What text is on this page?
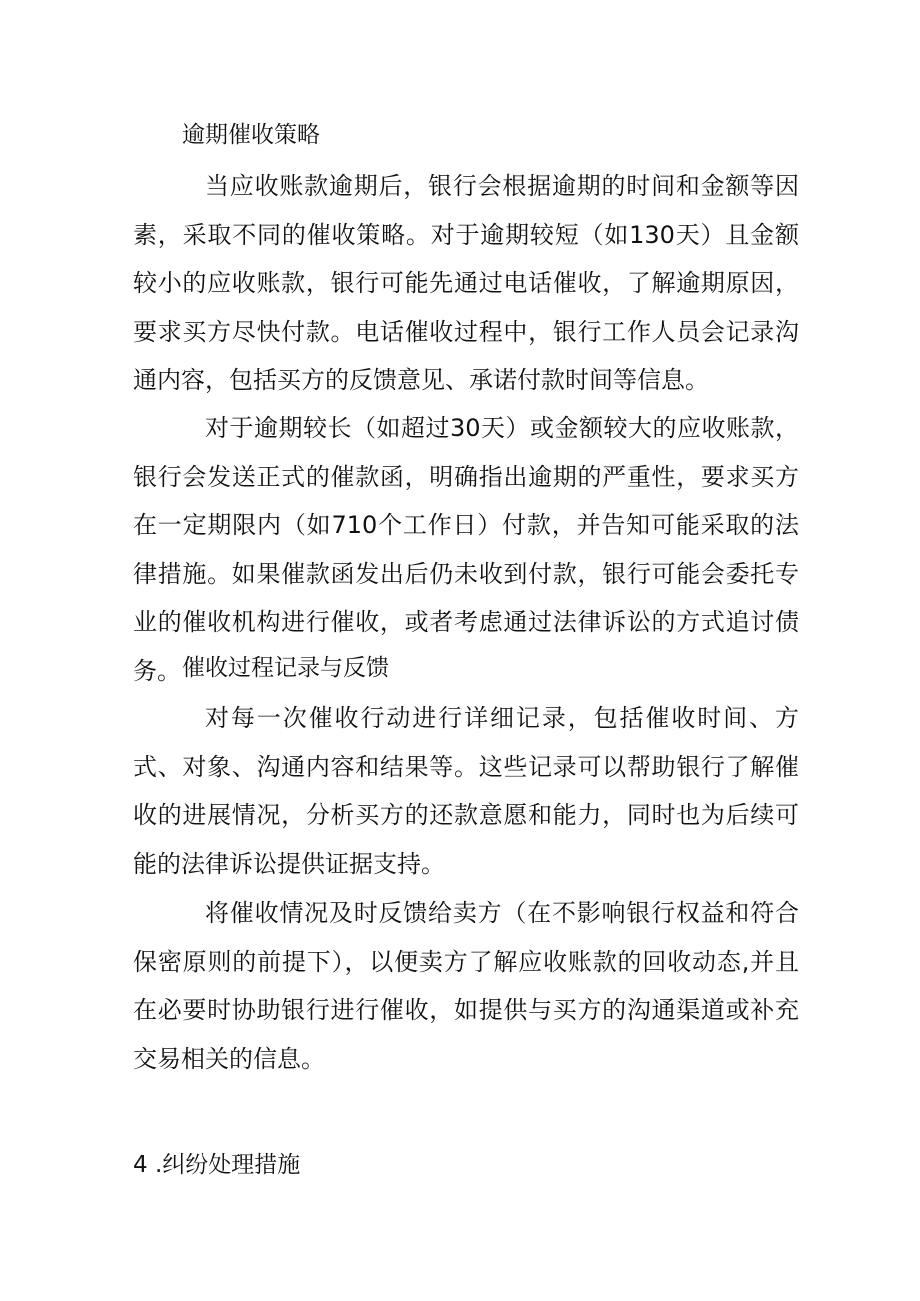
逾期催收策略

当应收账款逾期后，银行会根据逾期的时间和金额等因素，采取不同的催收策略。对于逾期较短（如130天）且金额较小的应收账款，银行可能先通过电话催收，了解逾期原因，要求买方尽快付款。电话催收过程中，银行工作人员会记录沟通内容，包括买方的反馈意见、承诺付款时间等信息。

对于逾期较长（如超过30天）或金额较大的应收账款，银行会发送正式的催款函，明确指出逾期的严重性，要求买方在一定期限内（如710个工作日）付款，并告知可能采取的法律措施。如果催款函发出后仍未收到付款，银行可能会委托专业的催收机构进行催收，或者考虑通过法律诉讼的方式追讨债务。 催收过程记录与反馈

对每一次催收行动进行详细记录，包括催收时间、方式、对象、沟通内容和结果等。这些记录可以帮助银行了解催收的进展情况，分析买方的还款意愿和能力，同时也为后续可能的法律诉讼提供证据支持。

将催收情况及时反馈给卖方（在不影响银行权益和符合保密原则的前提下），以便卖方了解应收账款的回收动态,并且在必要时协助银行进行催收，如提供与买方的沟通渠道或补充交易相关的信息。

4 .纠纷处理措施
